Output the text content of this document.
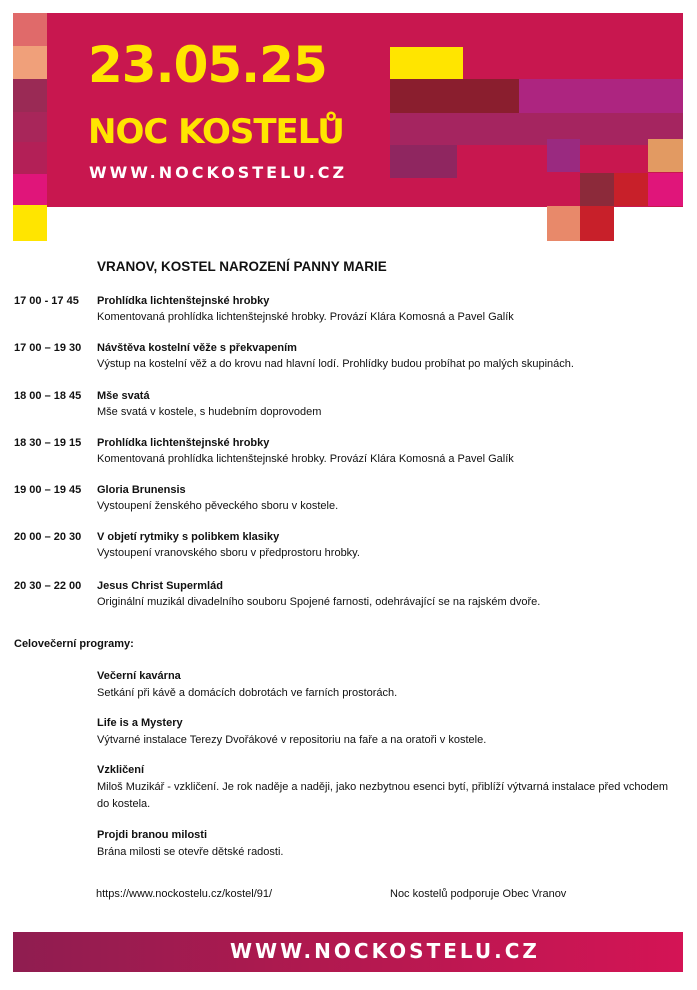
23.05.25
NOC KOSTELŮ
WWW.NOCKOSTELU.CZ
VRANOV, KOSTEL NAROZENÍ PANNY MARIE
17 00 - 17 45 Prohlídka lichtenštejnské hrobky
Komentovaná prohlídka lichtenštejnské hrobky. Provází Klára Komosná a Pavel Galík
17 00 – 19 30 Návštěva kostelní věže s překvapením
Výstup na kostelní věž a do krovu nad hlavní lodí. Prohlídky budou probíhat po malých skupinách.
18 00 – 18 45 Mše svatá
Mše svatá v kostele, s hudebním doprovodem
18 30 – 19 15 Prohlídka lichtenštejnské hrobky
Komentovaná prohlídka lichtenštejnské hrobky. Provází Klára Komosná a Pavel Galík
19 00 – 19 45 Gloria Brunensis
Vystoupení ženského pěveckého sboru v kostele.
20 00 – 20 30 V objetí rytmiky s polibkem klasiky
Vystoupení vranovského sboru v předprostoru hrobky.
20 30 – 22 00 Jesus Christ Supermlád
Originální muzikál divadelního souboru Spojené farnosti, odehrávající se na rajském dvoře.
Celovečerní programy:
Večerní kavárna
Setkání při kávě a domácích dobrotách ve farních prostorách.
Life is a Mystery
Výtvarné instalace Terezy Dvořákové v repositoriu na faře a na oratoři v kostele.
Vzkličení
Miloš Muzikář - vzkličení. Je rok naděje a naději, jako nezbytnou esenci bytí, přiblíží výtvarná instalace před vchodem do kostela.
Projdi branou milosti
Brána milosti se otevře dětské radosti.
https://www.nockostelu.cz/kostel/91/	Noc kostelů podporuje Obec Vranov
WWW.NOCKOSTELU.CZ
